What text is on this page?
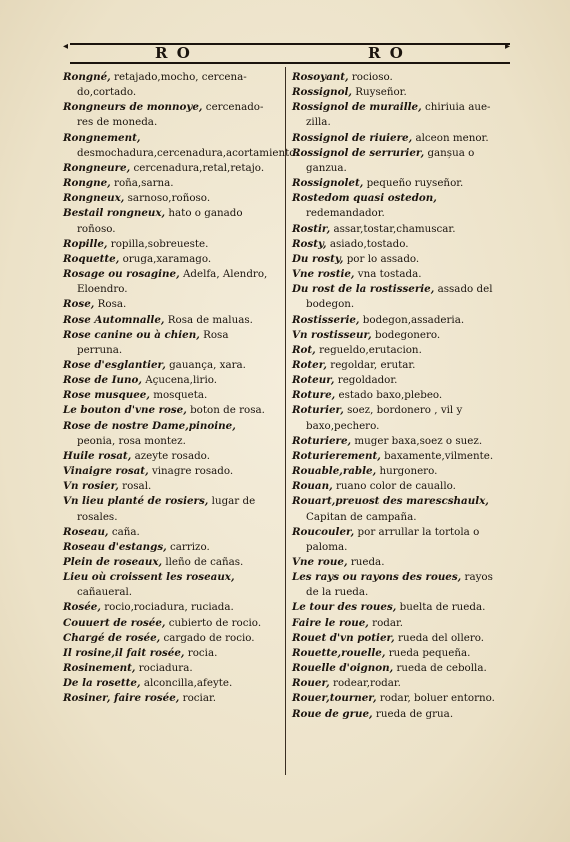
◂	R O	R O	▸

Rongné, retajado,mocho, cercena-do,cortado.

Rongneurs de monnoye, cercenado-res de moneda.

Rongnement, desmochadura,cercenadura,acortamiento.

Rongneure, cercenadura,retal,retajo.

Rongne, roña,sarna.

Rongneux, sarnoso,roñoso.

Bestail rongneux, hato o ganado roñoso.

Ropille, ropilla,sobreueste.

Roquette, oruga,xaramago.

Rosage ou rosagine, Adelfa, Alendro, Eloendro.

Rose, Rosa.

Rose Automnalle, Rosa de maluas.

Rose canine ou à chien, Rosa perruna.

Rose d'esglantier, gauança, xara.

Rose de Iuno, Açucena,lirio.

Rose musquee, mosqueta.

Le bouton d'vne rose, boton de rosa.

Rose de nostre Dame,pinoine, peonia, rosa montez.

Huile rosat, azeyte rosado.

Vinaigre rosat, vinagre rosado.

Vn rosier, rosal.

Vn lieu planté de rosiers, lugar de rosales.

Roseau, caña.

Roseau d'estangs, carrizo.

Plein de roseaux, lleño de cañas.

Lieu où croissent les roseaux, cañaueral.

Rosée, rocio,rociadura, ruciada.

Couuert de rosée, cubierto de rocio.

Chargé de rosée, cargado de rocio.

Il rosine,il fait rosée, rocia.

Rosinement, rociadura.

De la rosette, alconcilla,afeyte.

Rosiner, faire rosée, rociar.

Rosoyant, rocioso.

Rossignol, Ruyseñor.

Rossignol de muraille, chiriuia aue-zilla.

Rossignol de riuiere, alceon menor.

Rossignol de serrurier, ganșua o ganzua.

Rossignolet, pequeño ruyseñor.

Rostedom quasi ostedon, redemandador.

Rostir, assar,tostar,chamuscar.

Rosty, asiado,tostado.

Du rosty, por lo assado.

Vne rostie, vna tostada.

Du rost de la rostisserie, assado del bodegon.

Rostisserie, bodegon,assaderia.

Vn rostisseur, bodegonero.

Rot, regueldo,erutacion.

Roter, regoldar, erutar.

Roteur, regoldador.

Roture, estado baxo,plebeo.

Roturier, soez, bordonero , vil y baxo,pechero.

Roturiere, muger baxa,soez o suez.

Roturierement, baxamente,vilmente.

Rouable,rable, hurgonero.

Rouan, ruano color de cauallo.

Rouart,preuost des marescshaulx, Capitan de campaña.

Roucouler, por arrullar la tortola o paloma.

Vne roue, rueda.

Les rays ou rayons des roues, rayos de la rueda.

Le tour des roues, buelta de rueda.

Faire le roue, rodar.

Rouet d'vn potier, rueda del ollero.

Rouette,rouelle, rueda pequeña.

Rouelle d'oignon, rueda de cebolla.

Rouer, rodear,rodar.

Rouer,tourner, rodar, boluer entorno.

Roue de grue, rueda de grua.
